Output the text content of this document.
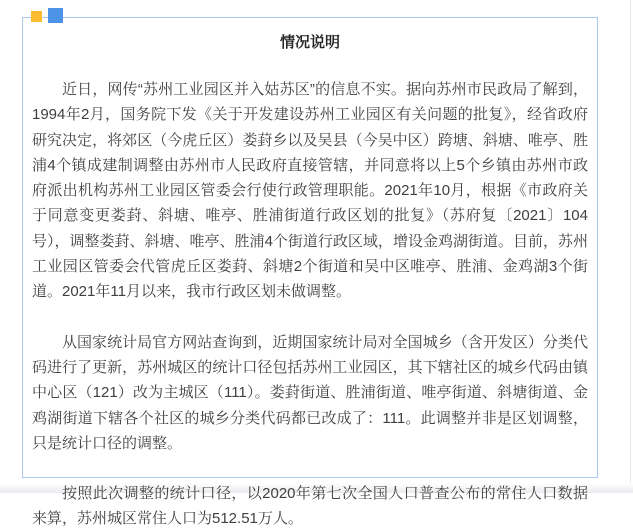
情况说明

近日，网传“苏州工业园区并入姑苏区”的信息不实。据向苏州市民政局了解到，1994年2月，国务院下发《关于开发建设苏州工业园区有关问题的批复》，经省政府研究决定，将郊区（今虎丘区）娄葑乡以及吴县（今吴中区）跨塘、斜塘、唯亭、胜浦4个镇成建制调整由苏州市人民政府直接管辖，并同意将以上5个乡镇由苏州市政府派出机构苏州工业园区管委会行使行政管理职能。2021年10月，根据《市政府关于同意变更娄葑、斜塘、唯亭、胜浦街道行政区划的批复》（苏府复〔2021〕104号），调整娄葑、斜塘、唯亭、胜浦4个街道行政区域，增设金鸡湖街道。目前，苏州工业园区管委会代管虎丘区娄葑、斜塘2个街道和吴中区唯亭、胜浦、金鸡湖3个街道。2021年11月以来，我市行政区划未做调整。

从国家统计局官方网站查询到，近期国家统计局对全国城乡（含开发区）分类代码进行了更新，苏州城区的统计口径包括苏州工业园区，其下辖社区的城乡代码由镇中心区（121）改为主城区（111）。娄葑街道、胜浦街道、唯亭街道、斜塘街道、金鸡湖街道下辖各个社区的城乡分类代码都已改成了：111。此调整并非是区划调整，只是统计口径的调整。

按照此次调整的统计口径，以2020年第七次全国人口普查公布的常住人口数据来算，苏州城区常住人口为512.51万人。
